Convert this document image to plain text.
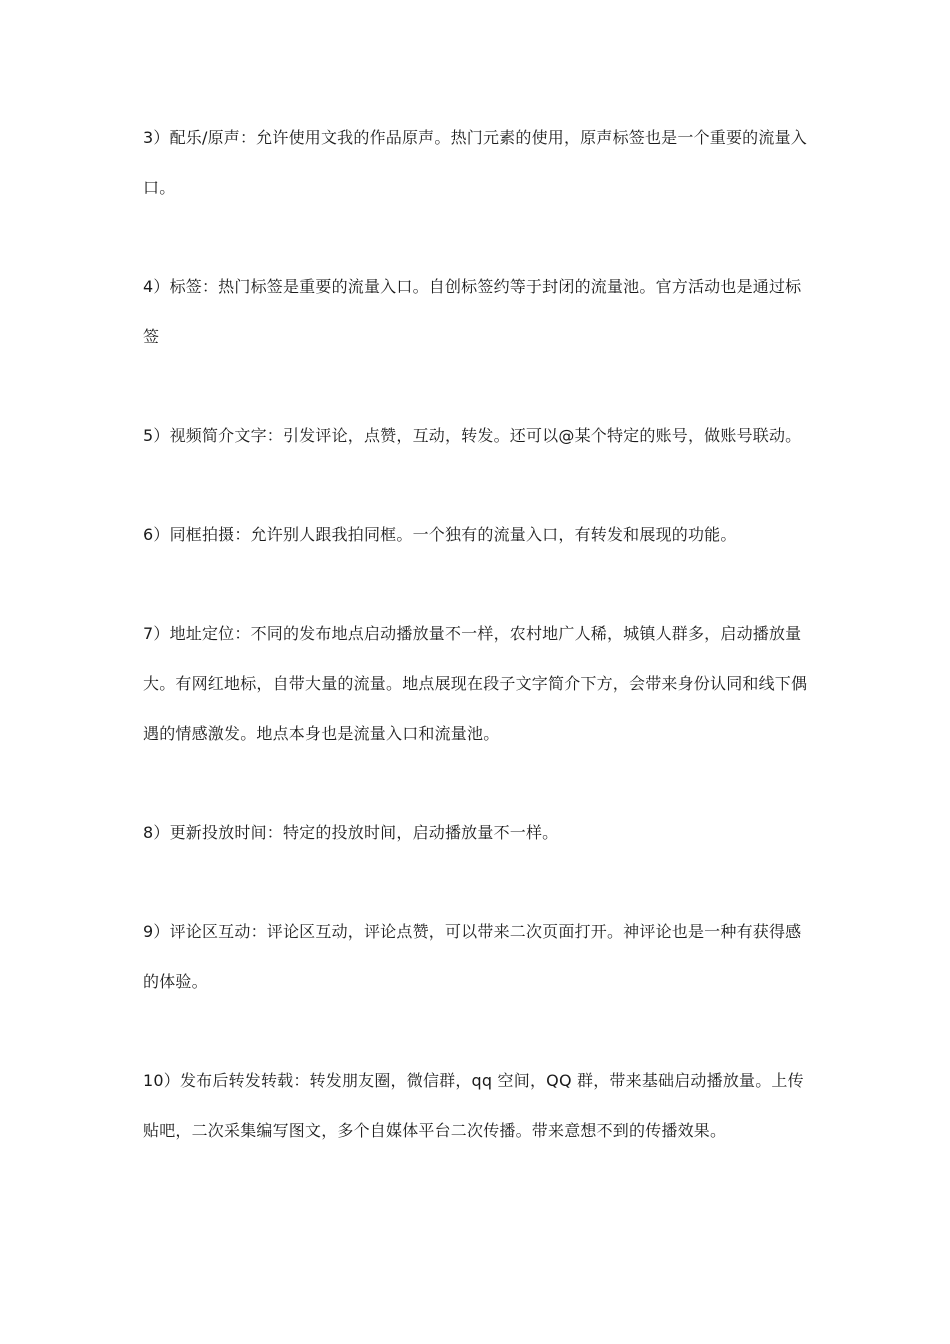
3）配乐/原声：允许使用文我的作品原声。热门元素的使用，原声标签也是一个重要的流量入口。

4）标签：热门标签是重要的流量入口。自创标签约等于封闭的流量池。官方活动也是通过标签

5）视频简介文字：引发评论，点赞，互动，转发。还可以@某个特定的账号，做账号联动。

6）同框拍摄：允许别人跟我拍同框。一个独有的流量入口，有转发和展现的功能。

7）地址定位：不同的发布地点启动播放量不一样，农村地广人稀，城镇人群多，启动播放量大。有网红地标，自带大量的流量。地点展现在段子文字简介下方，会带来身份认同和线下偶遇的情感激发。地点本身也是流量入口和流量池。

8）更新投放时间：特定的投放时间，启动播放量不一样。

9）评论区互动：评论区互动，评论点赞，可以带来二次页面打开。神评论也是一种有获得感的体验。

10）发布后转发转载：转发朋友圈，微信群，qq 空间，QQ 群，带来基础启动播放量。上传贴吧，二次采集编写图文，多个自媒体平台二次传播。带来意想不到的传播效果。
